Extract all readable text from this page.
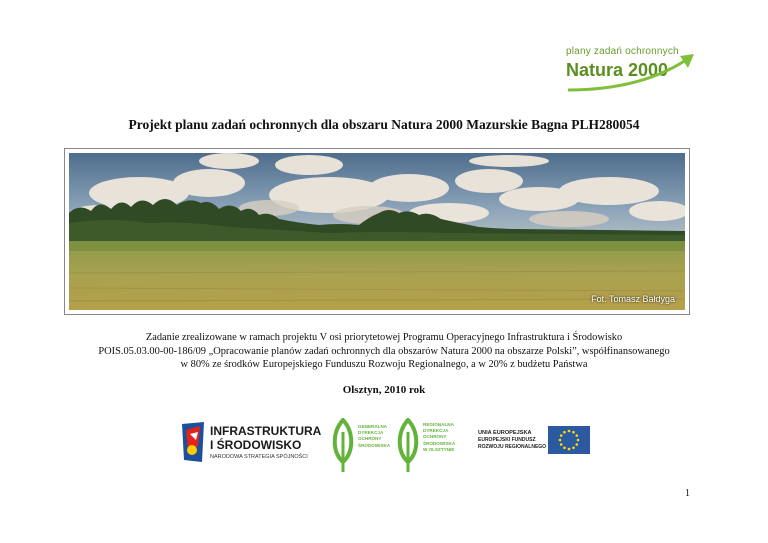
plany zadań ochronnych
Natura 2000
Projekt planu zadań ochronnych dla obszaru Natura 2000 Mazurskie Bagna PLH280054
Fot. Tomasz Bałdyga
Zadanie zrealizowane w ramach projektu V osi priorytetowej Programu Operacyjnego Infrastruktura i Środowisko
POIS.05.03.00-00-186/09 „Opracowanie planów zadań ochronnych dla obszarów Natura 2000 na obszarze Polski”, współfinansowanego
w 80% ze środków Europejskiego Funduszu Rozwoju Regionalnego, a w 20% z budżetu Państwa
Olsztyn, 2010 rok
INFRASTRUKTURA
I ŚRODOWISKO
NARODOWA STRATEGIA SPÓJNOŚCI
GENERALNA
DYREKCJA
OCHRONY
ŚRODOWISKA
REGIONALNA
DYREKCJA
OCHRONY
ŚRODOWISKA
W OLSZTYNIE
UNIA EUROPEJSKA
EUROPEJSKI FUNDUSZ
ROZWOJU REGIONALNEGO
1
